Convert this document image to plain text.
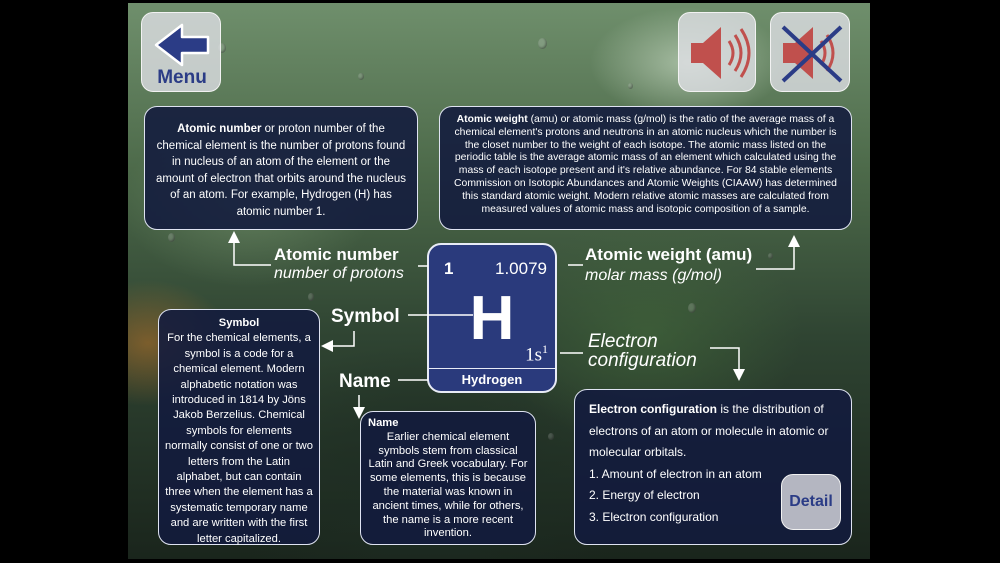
Menu
Atomic number or proton number of the chemical element is the number of protons found in nucleus of an atom of the element or the amount of electron that orbits around the nucleus of an atom. For example, Hydrogen (H) has atomic number 1.
Atomic weight (amu) or atomic mass (g/mol) is the ratio of the average mass of a chemical element's protons and neutrons in an atomic nucleus which the number is the closet number to the weight of each isotope. The atomic mass listed on the periodic table is the average atomic mass of an element which calculated using the mass of each isotope present and it's relative abundance. For 84 stable elements Commission on Isotopic Abundances and Atomic Weights (CIAAW) has determined this standard atomic weight. Modern relative atomic masses are calculated from measured values of atomic mass and isotopic composition of a sample.
1 1.0079
H
$1s^1$
Hydrogen
Atomic number
number of protons
Atomic weight (amu)
molar mass (g/mol)
Symbol
Name
Electron
configuration
Symbol
For the chemical elements, a symbol is a code for a chemical element. Modern alphabetic notation was introduced in 1814 by Jöns Jakob Berzelius. Chemical symbols for elements normally consist of one or two letters from the Latin alphabet, but can contain three when the element has a systematic temporary name and are written with the first letter capitalized.
Name
Earlier chemical element symbols stem from classical Latin and Greek vocabulary. For some elements, this is because the material was known in ancient times, while for others, the name is a more recent invention.
Electron configuration is the distribution of electrons of an atom or molecule in atomic or molecular orbitals.
1. Amount of electron in an atom
2. Energy of electron
3. Electron configuration
Detail
